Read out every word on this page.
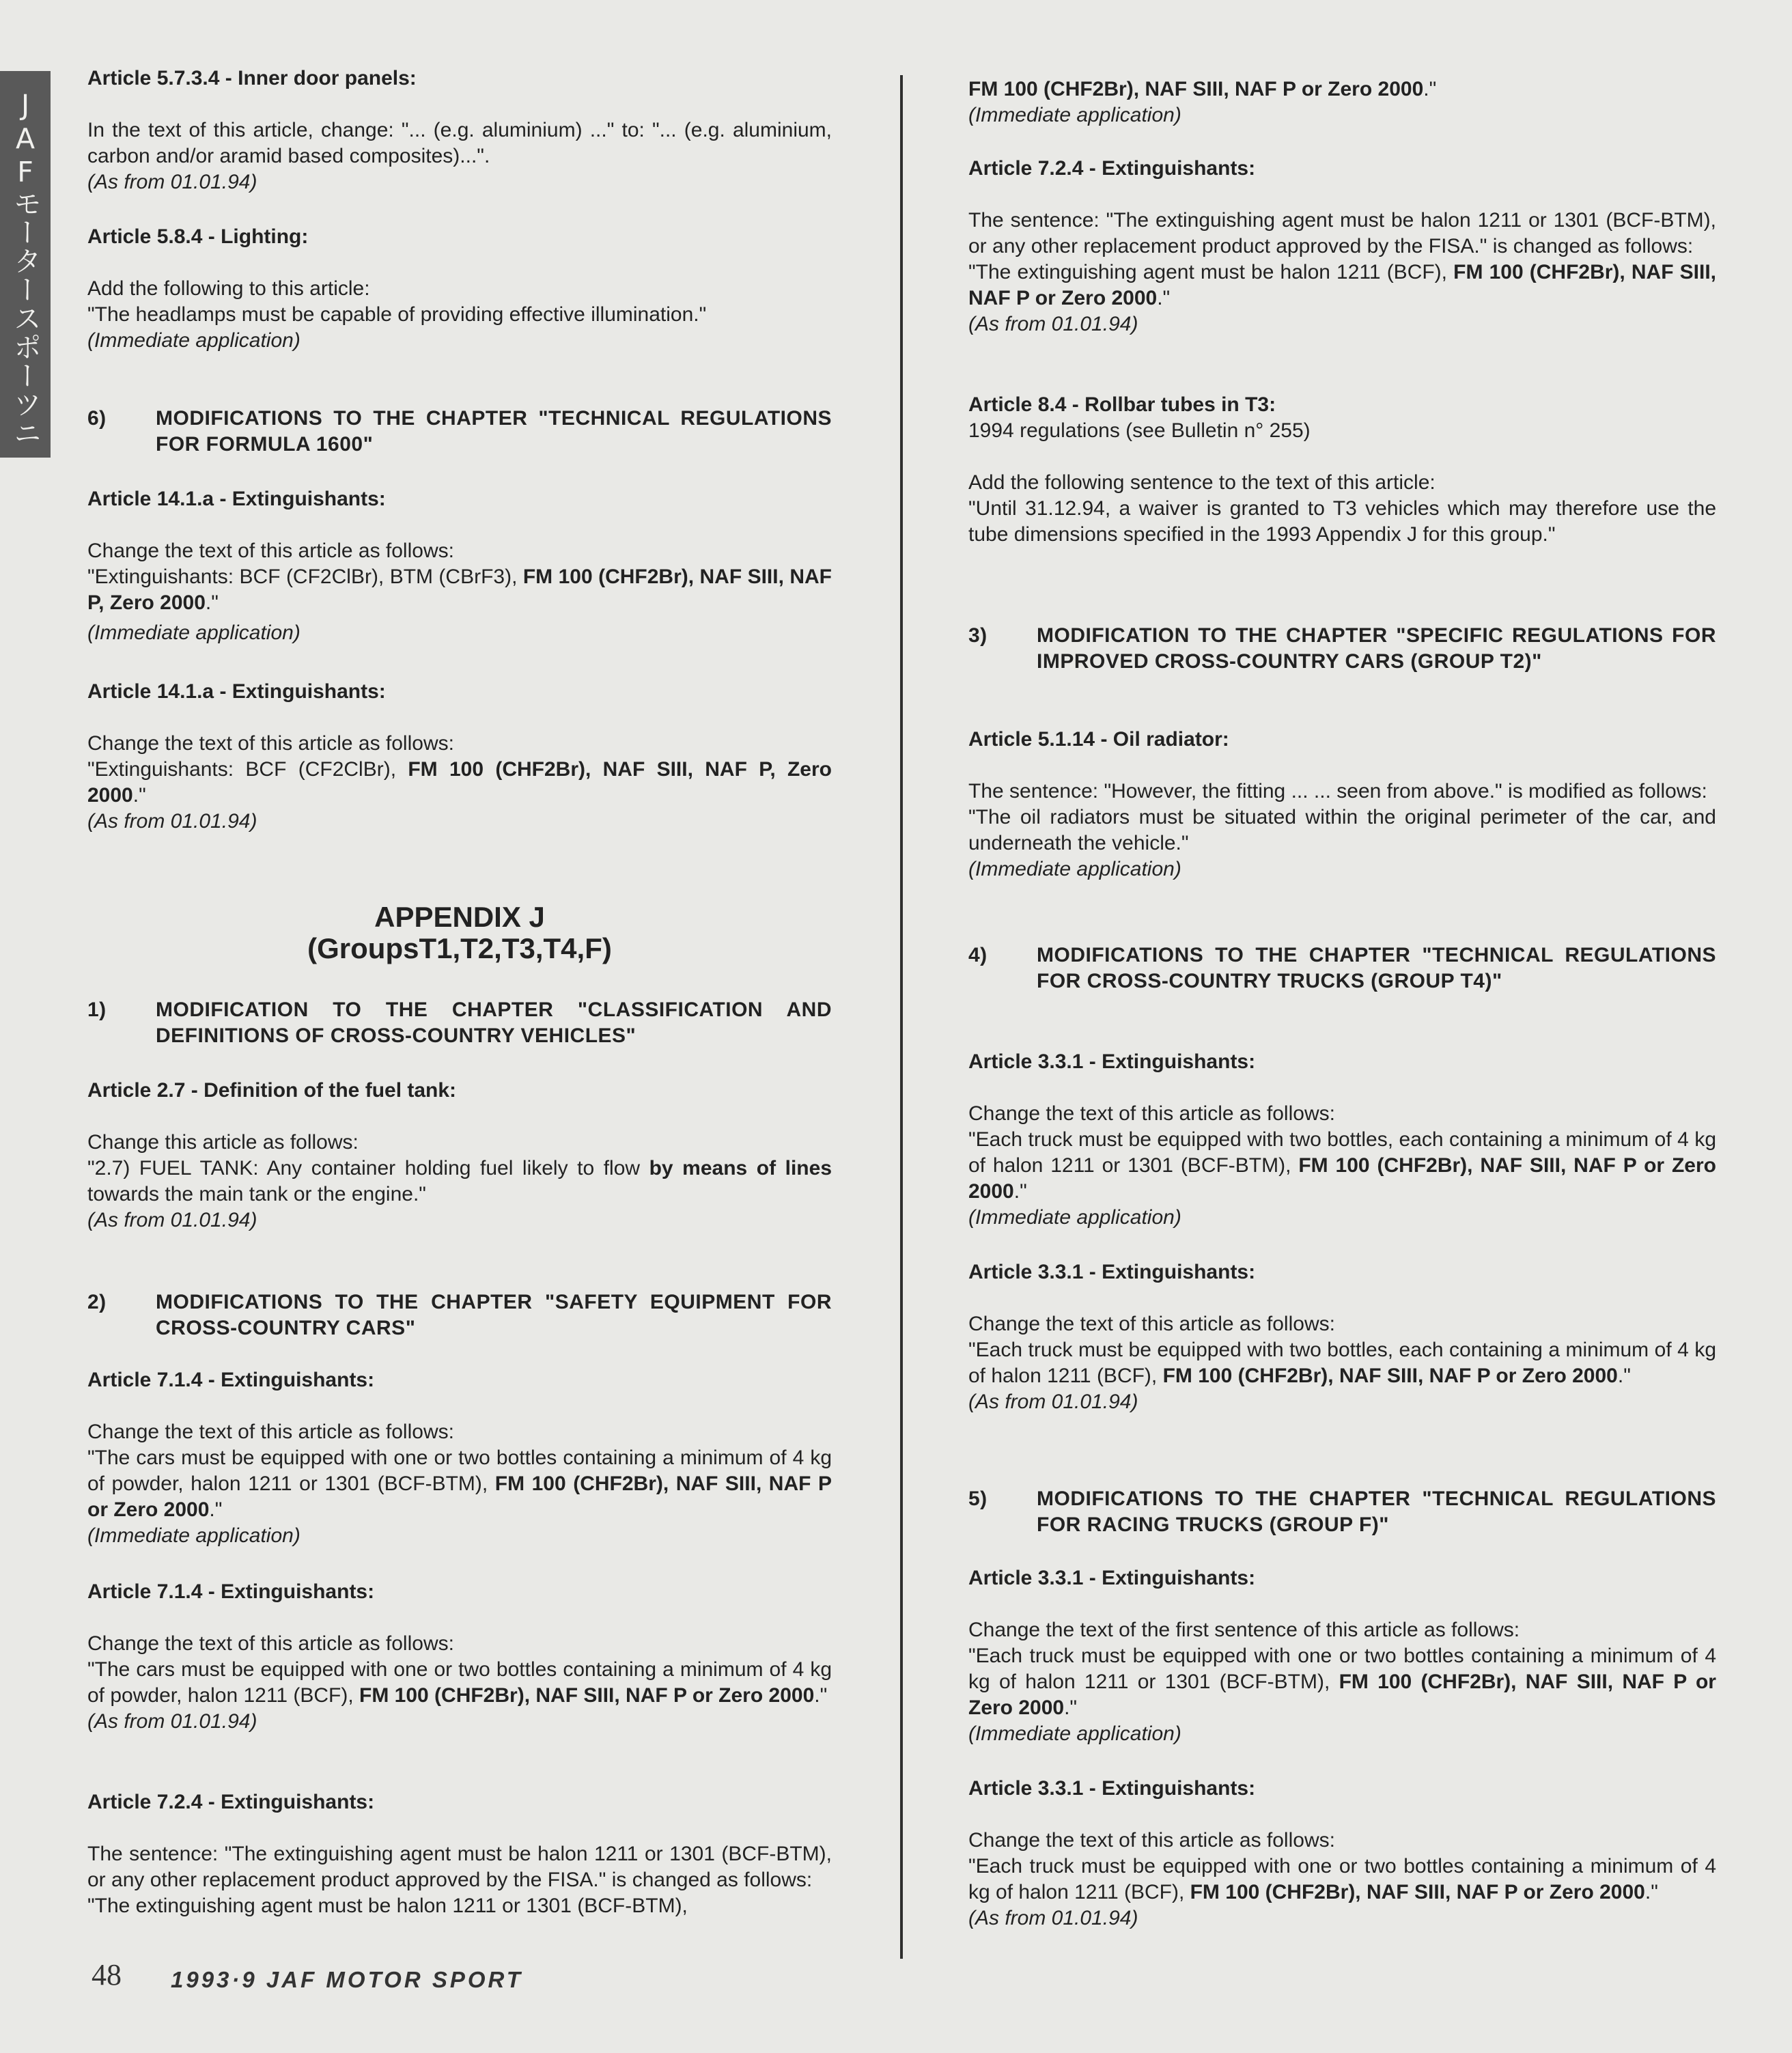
JAFモータースポーツニ
Article 5.7.3.4 - Inner door panels:
In the text of this article, change: "... (e.g. aluminium) ..." to: "... (e.g. aluminium, carbon and/or aramid based composites)...".
(As from 01.01.94)
Article 5.8.4 - Lighting:
Add the following to this article:
"The headlamps must be capable of providing effective illumination."
(Immediate application)
6)	MODIFICATIONS TO THE CHAPTER "TECHNICAL REGULATIONS FOR FORMULA 1600"
Article 14.1.a - Extinguishants:
Change the text of this article as follows:
"Extinguishants: BCF (CF2ClBr), BTM (CBrF3), FM 100 (CHF2Br), NAF SIII, NAF P, Zero 2000."
(Immediate application)
Article 14.1.a - Extinguishants:
Change the text of this article as follows:
"Extinguishants: BCF (CF2ClBr), FM 100 (CHF2Br), NAF SIII, NAF P, Zero 2000."
(As from 01.01.94)
APPENDIX J
(GroupsT1,T2,T3,T4,F)
1)	MODIFICATION TO THE CHAPTER "CLASSIFICATION AND DEFINITIONS OF CROSS-COUNTRY VEHICLES"
Article 2.7 - Definition of the fuel tank:
Change this article as follows:
"2.7) FUEL TANK: Any container holding fuel likely to flow by means of lines towards the main tank or the engine."
(As from 01.01.94)
2)	MODIFICATIONS TO THE CHAPTER "SAFETY EQUIPMENT FOR CROSS-COUNTRY CARS"
Article 7.1.4 - Extinguishants:
Change the text of this article as follows:
"The cars must be equipped with one or two bottles containing a minimum of 4 kg of powder, halon 1211 or 1301 (BCF-BTM), FM 100 (CHF2Br), NAF SIII, NAF P or Zero 2000."
(Immediate application)
Article 7.1.4 - Extinguishants:
Change the text of this article as follows:
"The cars must be equipped with one or two bottles containing a minimum of 4 kg of powder, halon 1211 (BCF), FM 100 (CHF2Br), NAF SIII, NAF P or Zero 2000."
(As from 01.01.94)
Article 7.2.4 - Extinguishants:
The sentence: "The extinguishing agent must be halon 1211 or 1301 (BCF-BTM), or any other replacement product approved by the FISA." is changed as follows:
"The extinguishing agent must be halon 1211 or 1301 (BCF-BTM),
FM 100 (CHF2Br), NAF SIII, NAF P or Zero 2000."
(Immediate application)
Article 7.2.4 - Extinguishants:
The sentence: "The extinguishing agent must be halon 1211 or 1301 (BCF-BTM), or any other replacement product approved by the FISA." is changed as follows:
"The extinguishing agent must be halon 1211 (BCF), FM 100 (CHF2Br), NAF SIII, NAF P or Zero 2000."
(As from 01.01.94)
Article 8.4 - Rollbar tubes in T3:
1994 regulations (see Bulletin n° 255)
Add the following sentence to the text of this article:
"Until 31.12.94, a waiver is granted to T3 vehicles which may therefore use the tube dimensions specified in the 1993 Appendix J for this group."
3)	MODIFICATION TO THE CHAPTER "SPECIFIC REGULATIONS FOR IMPROVED CROSS-COUNTRY CARS (GROUP T2)"
Article 5.1.14 - Oil radiator:
The sentence: "However, the fitting ... ... seen from above." is modified as follows:
"The oil radiators must be situated within the original perimeter of the car, and underneath the vehicle."
(Immediate application)
4)	MODIFICATIONS TO THE CHAPTER "TECHNICAL REGULATIONS FOR CROSS-COUNTRY TRUCKS (GROUP T4)"
Article 3.3.1 - Extinguishants:
Change the text of this article as follows:
"Each truck must be equipped with two bottles, each containing a minimum of 4 kg of halon 1211 or 1301 (BCF-BTM), FM 100 (CHF2Br), NAF SIII, NAF P or Zero 2000."
(Immediate application)
Article 3.3.1 - Extinguishants:
Change the text of this article as follows:
"Each truck must be equipped with two bottles, each containing a minimum of 4 kg of halon 1211 (BCF), FM 100 (CHF2Br), NAF SIII, NAF P or Zero 2000."
(As from 01.01.94)
5)	MODIFICATIONS TO THE CHAPTER "TECHNICAL REGULATIONS FOR RACING TRUCKS (GROUP F)"
Article 3.3.1 - Extinguishants:
Change the text of the first sentence of this article as follows:
"Each truck must be equipped with one or two bottles containing a minimum of 4 kg of halon 1211 or 1301 (BCF-BTM), FM 100 (CHF2Br), NAF SIII, NAF P or Zero 2000."
(Immediate application)
Article 3.3.1 - Extinguishants:
Change the text of this article as follows:
"Each truck must be equipped with one or two bottles containing a minimum of 4 kg of halon 1211 (BCF), FM 100 (CHF2Br), NAF SIII, NAF P or Zero 2000."
(As from 01.01.94)
48 1993·9 JAF MOTOR SPORT
